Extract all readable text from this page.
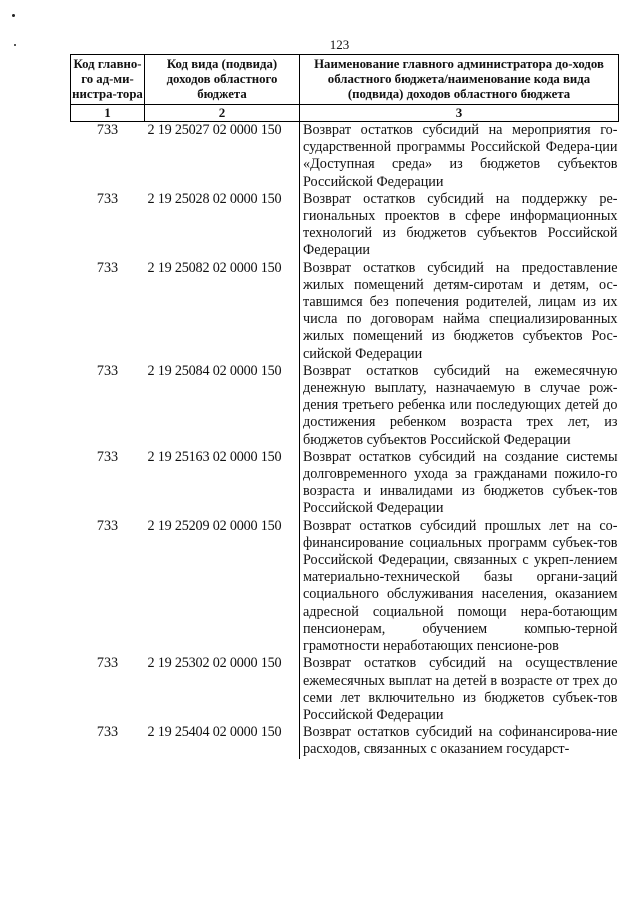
123
Код главно-го ад-ми-нистра-тора	Код вида (подвида) доходов областного бюджета	Наименование главного администратора до-ходов областного бюджета/наименование кода вида (подвида) доходов областного бюджета
1	2	3
733	2 19 25027 02 0000 150	Возврат остатков субсидий на мероприятия го-сударственной программы Российской Федера-ции «Доступная среда» из бюджетов субъектов Российской Федерации
733	2 19 25028 02 0000 150	Возврат остатков субсидий на поддержку ре-гиональных проектов в сфере информационных технологий из бюджетов субъектов Российской Федерации
733	2 19 25082 02 0000 150	Возврат остатков субсидий на предоставление жилых помещений детям-сиротам и детям, ос-тавшимся без попечения родителей, лицам из их числа по договорам найма специализированных жилых помещений из бюджетов субъектов Рос-сийской Федерации
733	2 19 25084 02 0000 150	Возврат остатков субсидий на ежемесячную денежную выплату, назначаемую в случае рож-дения третьего ребенка или последующих детей до достижения ребенком возраста трех лет, из бюджетов субъектов Российской Федерации
733	2 19 25163 02 0000 150	Возврат остатков субсидий на создание системы долговременного ухода за гражданами пожило-го возраста и инвалидами из бюджетов субъек-тов Российской Федерации
733	2 19 25209 02 0000 150	Возврат остатков субсидий прошлых лет на со-финансирование социальных программ субъек-тов Российской Федерации, связанных с укреп-лением материально-технической базы органи-заций социального обслуживания населения, оказанием адресной социальной помощи нера-ботающим пенсионерам, обучением компью-терной грамотности неработающих пенсионе-ров
733	2 19 25302 02 0000 150	Возврат остатков субсидий на осуществление ежемесячных выплат на детей в возрасте от трех до семи лет включительно из бюджетов субъек-тов Российской Федерации
733	2 19 25404 02 0000 150	Возврат остатков субсидий на софинансирова-ние расходов, связанных с оказанием государст-
